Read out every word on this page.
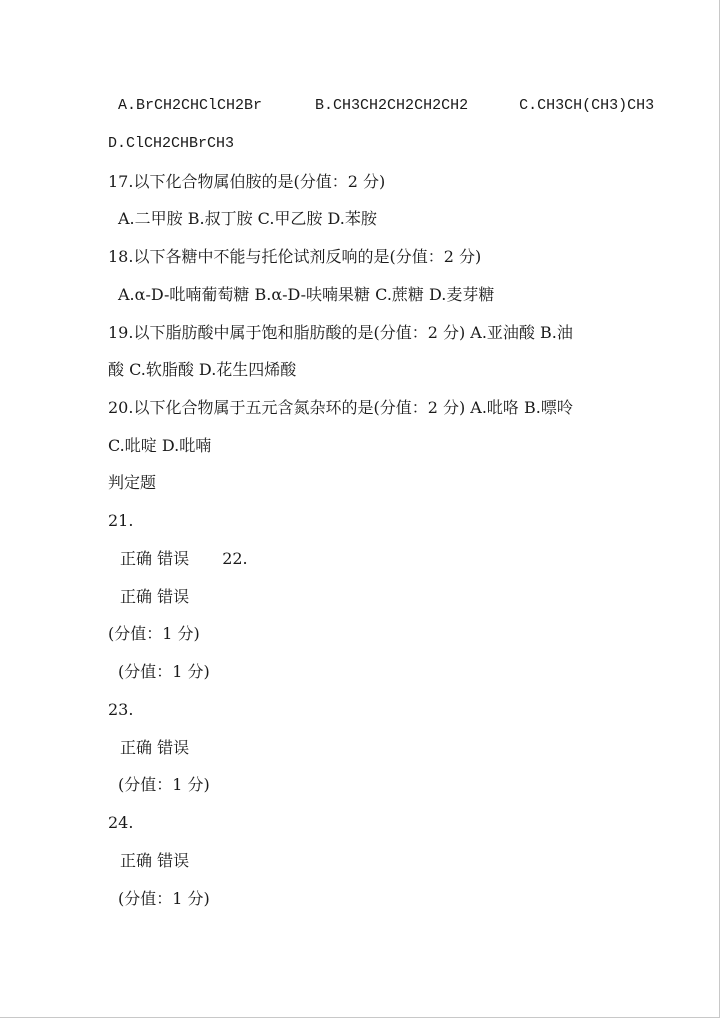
A.BrCH2CHClCH2Br	B.CH3CH2CH2CH2CH2	C.CH3CH(CH3)CH3
D.ClCH2CHBrCH3
17.以下化合物属伯胺的是(分值：2 分)
A.二甲胺 B.叔丁胺 C.甲乙胺 D.苯胺
18.以下各糖中不能与托伦试剂反响的是(分值：2 分)
A.α-D-吡喃葡萄糖 B.α-D-呋喃果糖 C.蔗糖 D.麦芽糖
19.以下脂肪酸中属于饱和脂肪酸的是(分值：2 分) A.亚油酸 B.油
酸 C.软脂酸 D.花生四烯酸
20.以下化合物属于五元含氮杂环的是(分值：2 分) A.吡咯 B.嘌呤
C.吡啶 D.吡喃
判定题
21.
正确 错误 22.
正确 错误
(分值：1 分)
(分值：1 分)
23.
正确 错误
(分值：1 分)
24.
正确 错误
(分值：1 分)
